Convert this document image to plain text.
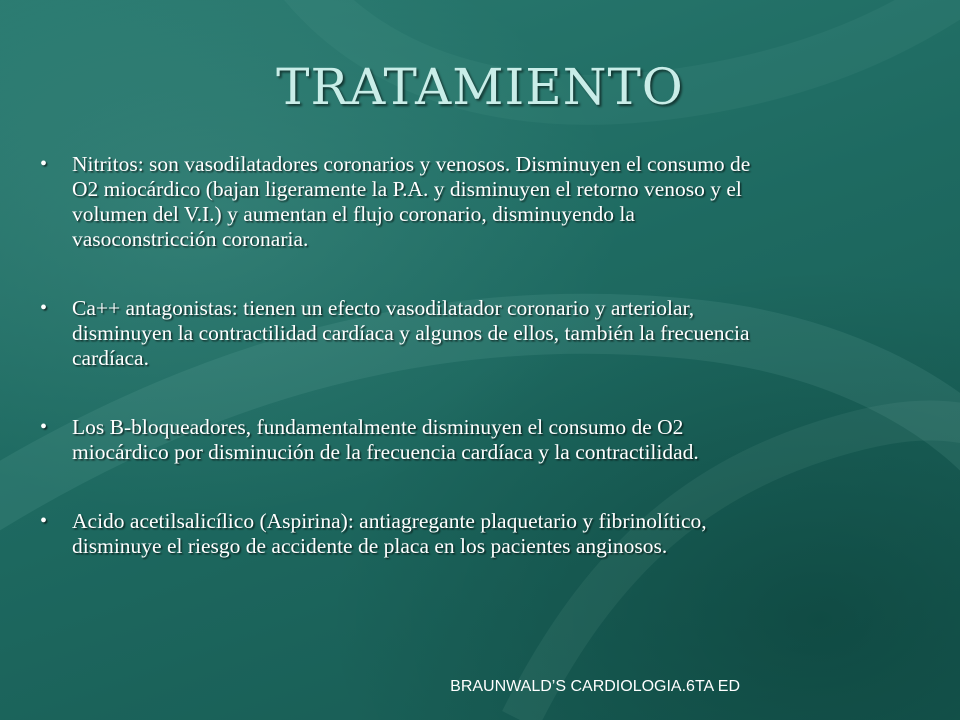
TRATAMIENTO
• Nitritos: son vasodilatadores coronarios y venosos. Disminuyen el consumo de O2 miocárdico (bajan ligeramente la P.A. y disminuyen el retorno venoso y el volumen del V.I.) y aumentan el flujo coronario, disminuyendo la vasoconstricción coronaria.
• Ca++ antagonistas: tienen un efecto vasodilatador coronario y arteriolar, disminuyen la contractilidad cardíaca y algunos de ellos, también la frecuencia cardíaca.
• Los B-bloqueadores, fundamentalmente disminuyen el consumo de O2 miocárdico por disminución de la frecuencia cardíaca y la contractilidad.
• Acido acetilsalicílico (Aspirina): antiagregante plaquetario y fibrinolítico, disminuye el riesgo de accidente de placa en los pacientes anginosos.
BRAUNWALD’S CARDIOLOGIA.6TA ED
